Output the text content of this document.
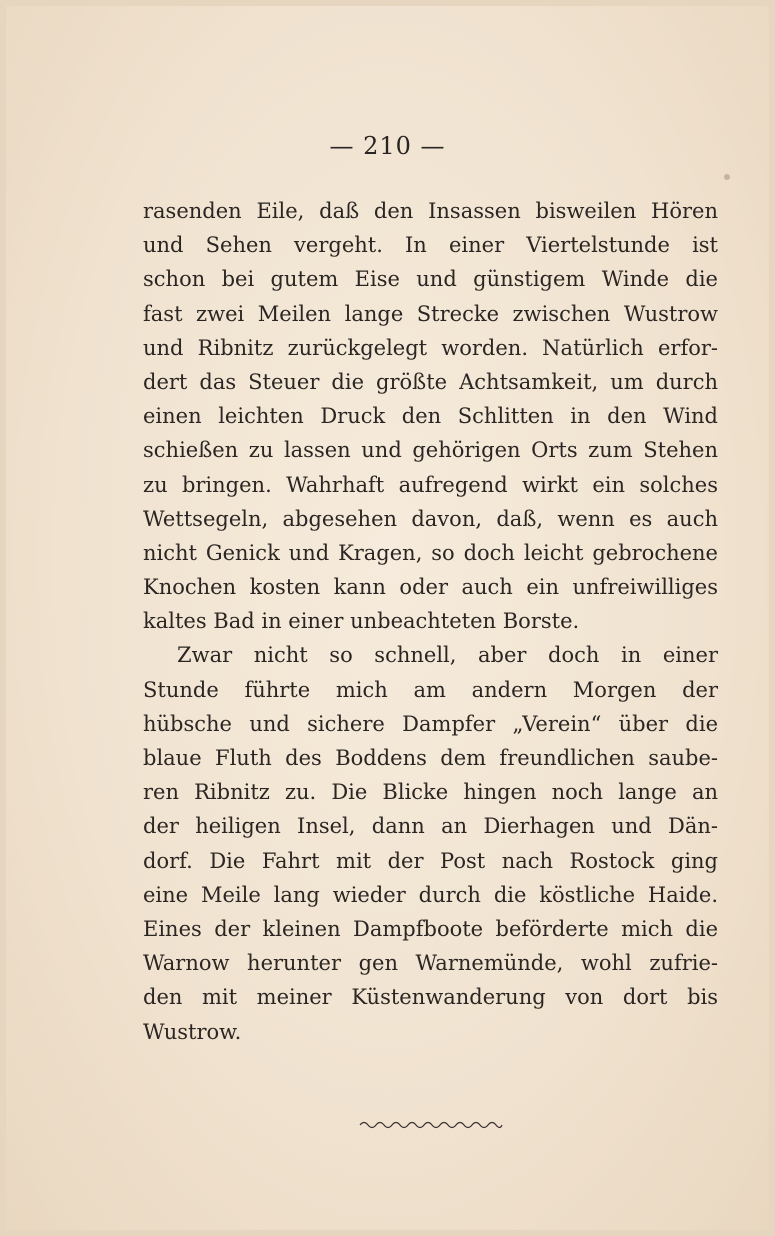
— 210 —
rasenden Eile, daß den Insassen bisweilen Hören
und Sehen vergeht. In einer Viertelstunde ist
schon bei gutem Eise und günstigem Winde die
fast zwei Meilen lange Strecke zwischen Wustrow
und Ribnitz zurückgelegt worden. Natürlich erfor-
dert das Steuer die größte Achtsamkeit, um durch
einen leichten Druck den Schlitten in den Wind
schießen zu lassen und gehörigen Orts zum Stehen
zu bringen. Wahrhaft aufregend wirkt ein solches
Wettsegeln, abgesehen davon, daß, wenn es auch
nicht Genick und Kragen, so doch leicht gebrochene
Knochen kosten kann oder auch ein unfreiwilliges
kaltes Bad in einer unbeachteten Borste.
Zwar nicht so schnell, aber doch in einer
Stunde führte mich am andern Morgen der
hübsche und sichere Dampfer „Verein“ über die
blaue Fluth des Boddens dem freundlichen saube-
ren Ribnitz zu. Die Blicke hingen noch lange an
der heiligen Insel, dann an Dierhagen und Dän-
dorf. Die Fahrt mit der Post nach Rostock ging
eine Meile lang wieder durch die köstliche Haide.
Eines der kleinen Dampfboote beförderte mich die
Warnow herunter gen Warnemünde, wohl zufrie-
den mit meiner Küstenwanderung von dort bis
Wustrow.
